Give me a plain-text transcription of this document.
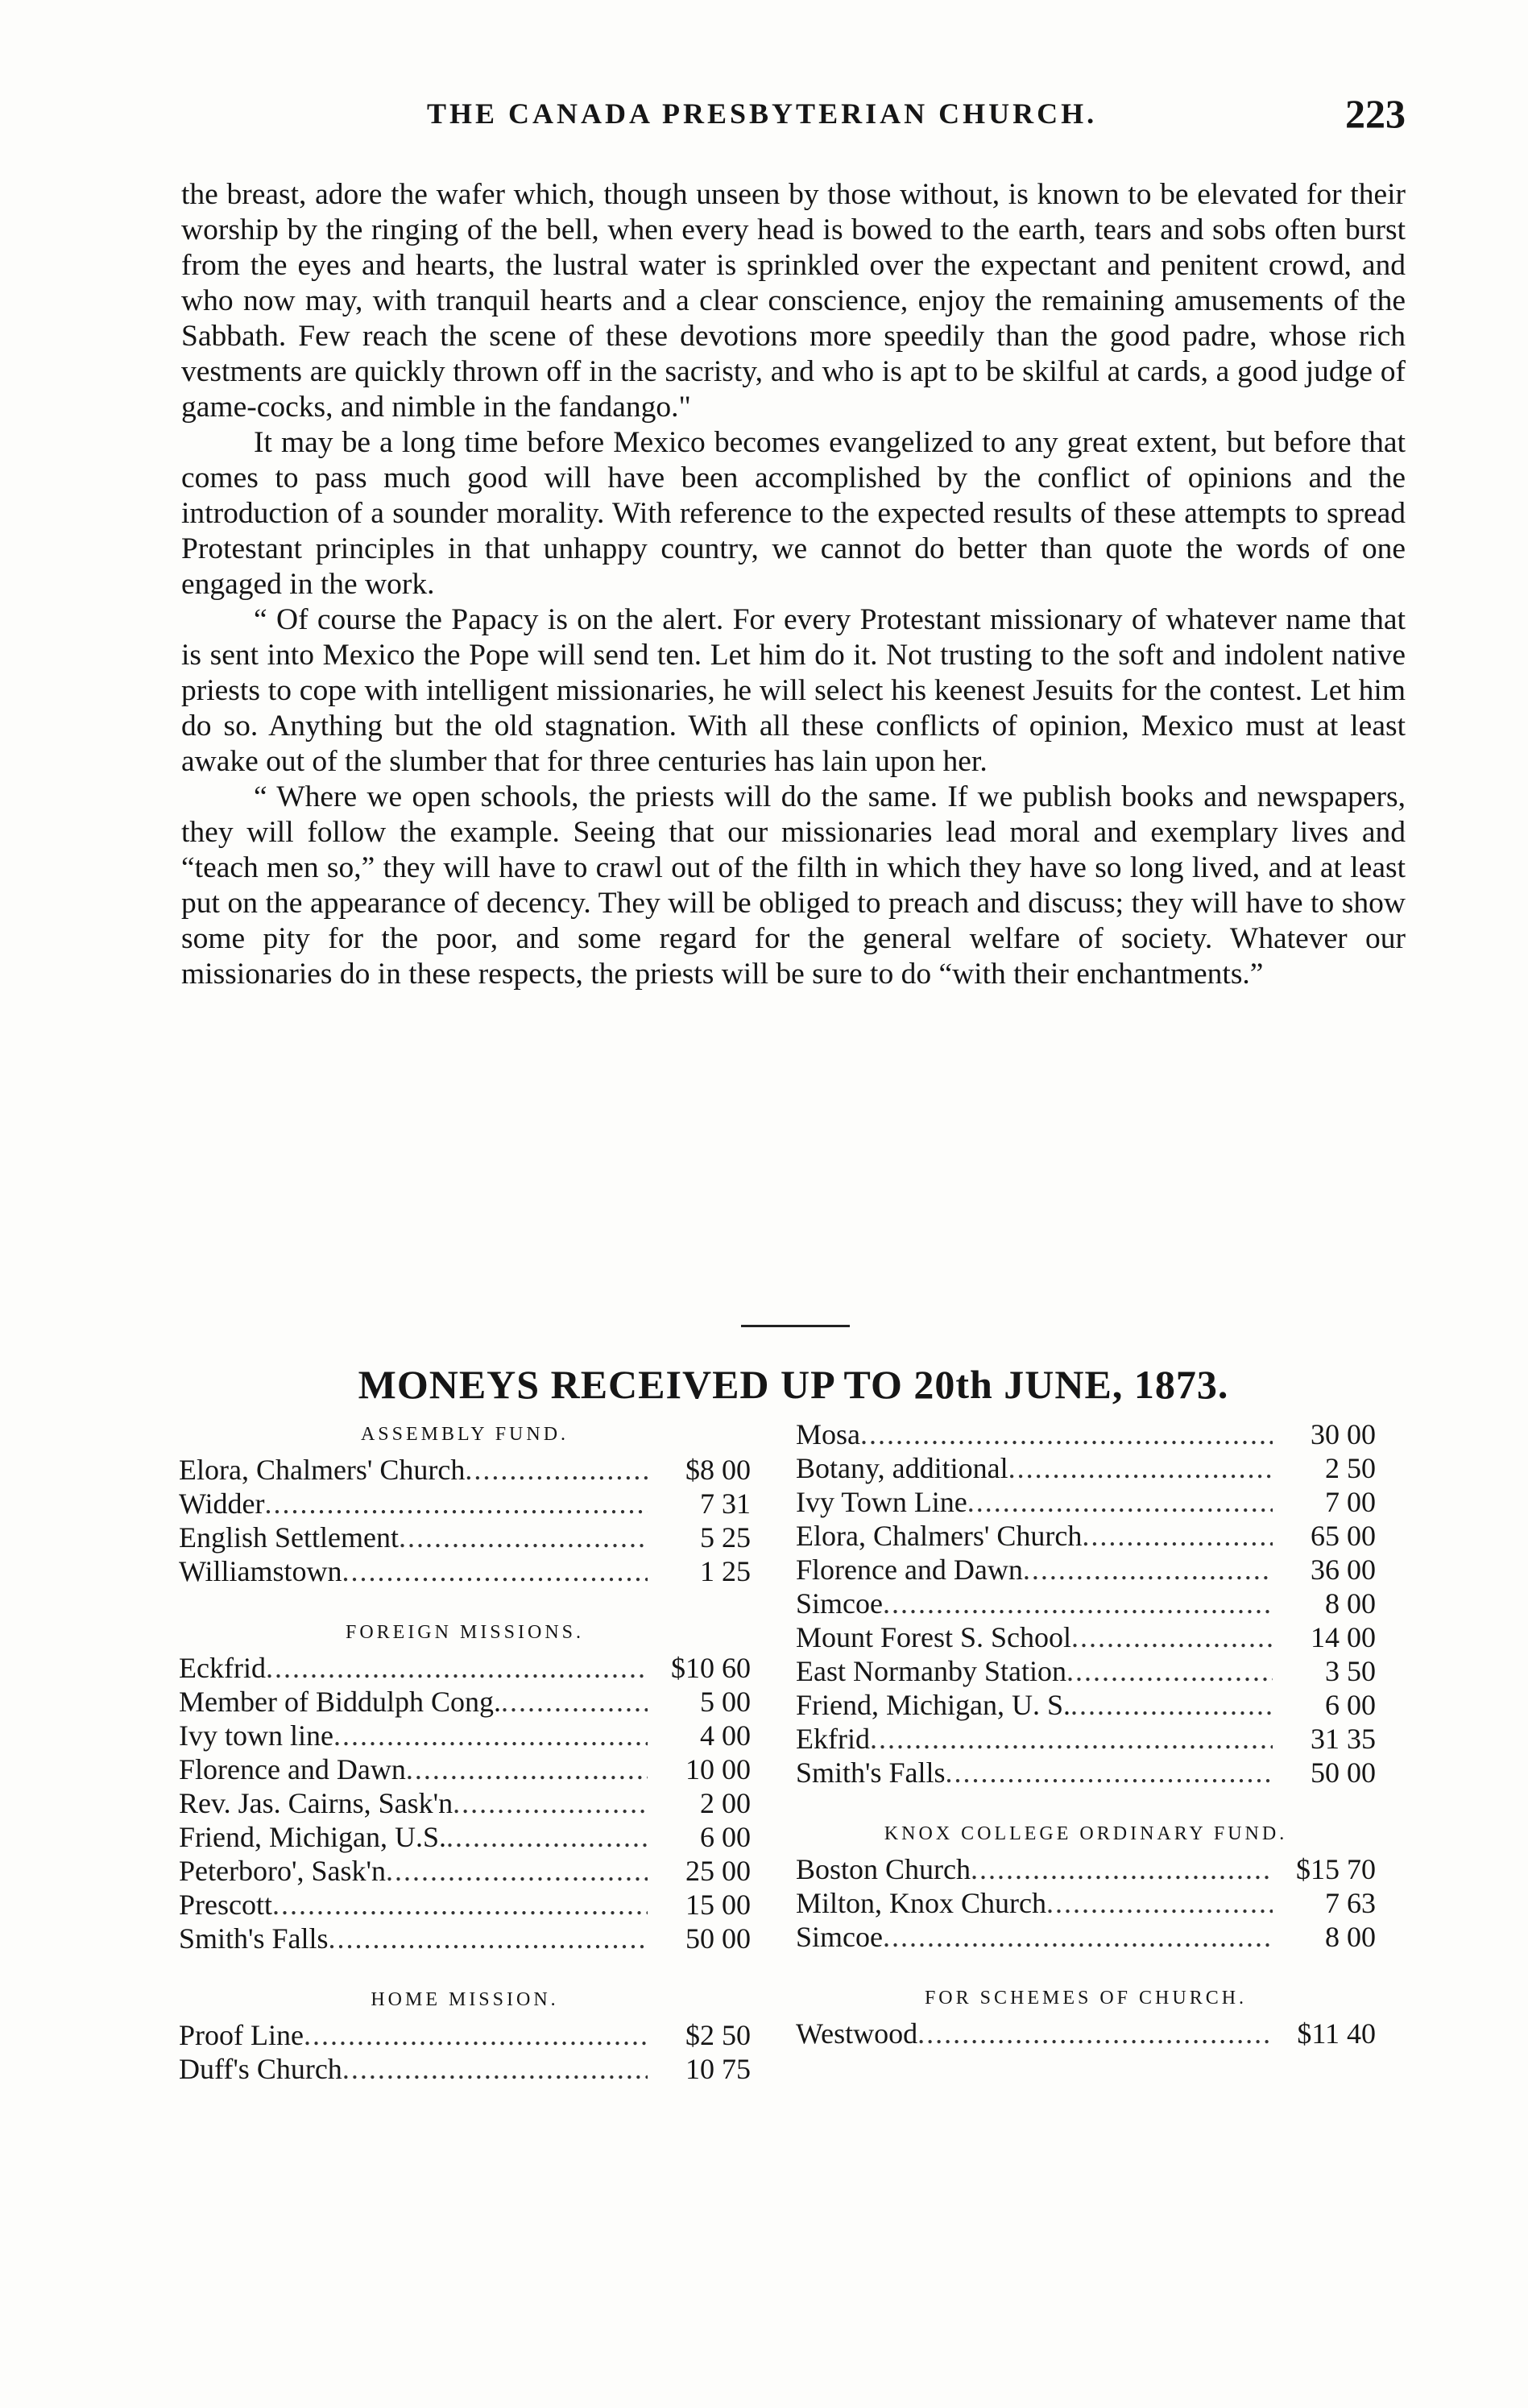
THE CANADA PRESBYTERIAN CHURCH.	223

the breast, adore the wafer which, though unseen by those without, is known to be elevated for their worship by the ringing of the bell, when every head is bowed to the earth, tears and sobs often burst from the eyes and hearts, the lustral water is sprinkled over the expectant and penitent crowd, and who now may, with tranquil hearts and a clear conscience, enjoy the remaining amusements of the Sabbath. Few reach the scene of these devotions more speedily than the good padre, whose rich vestments are quickly thrown off in the sacristy, and who is apt to be skilful at cards, a good judge of game-cocks, and nimble in the fandango."

It may be a long time before Mexico becomes evangelized to any great extent, but before that comes to pass much good will have been accomplished by the conflict of opinions and the introduction of a sounder morality. With reference to the expected results of these attempts to spread Protestant principles in that unhappy country, we cannot do better than quote the words of one engaged in the work.

“ Of course the Papacy is on the alert. For every Protestant missionary of whatever name that is sent into Mexico the Pope will send ten. Let him do it. Not trusting to the soft and indolent native priests to cope with intelligent missionaries, he will select his keenest Jesuits for the contest. Let him do so. Anything but the old stagnation. With all these conflicts of opinion, Mexico must at least awake out of the slumber that for three centuries has lain upon her.

“ Where we open schools, the priests will do the same. If we publish books and newspapers, they will follow the example. Seeing that our missionaries lead moral and exemplary lives and “teach men so,” they will have to crawl out of the filth in which they have so long lived, and at least put on the appearance of decency. They will be obliged to preach and discuss; they will have to show some pity for the poor, and some regard for the general welfare of society. Whatever our missionaries do in these respects, the priests will be sure to do “with their enchantments.”

MONEYS RECEIVED UP TO 20th JUNE, 1873.
ASSEMBLY FUND.
Elora, Chalmers' Church .....	$8 00
Widder .....	7 31
English Settlement .....	5 25
Williamstown .....	1 25
FOREIGN MISSIONS.
Eckfrid .....	$10 60
Member of Biddulph Cong. .....	5 00
Ivy town line .....	4 00
Florence and Dawn .....	10 00
Rev. Jas. Cairns, Sask'n .....	2 00
Friend, Michigan, U.S. .....	6 00
Peterboro', Sask'n .....	25 00
Prescott .....	15 00
Smith's Falls .....	50 00
HOME MISSION.
Proof Line .....	$2 50
Duff's Church .....	10 75
Mosa .....	30 00
Botany, additional .....	2 50
Ivy Town Line .....	7 00
Elora, Chalmers' Church .....	65 00
Florence and Dawn .....	36 00
Simcoe .....	8 00
Mount Forest S. School .....	14 00
East Normanby Station .....	3 50
Friend, Michigan, U. S. .....	6 00
Ekfrid .....	31 35
Smith's Falls .....	50 00
KNOX COLLEGE ORDINARY FUND.
Boston Church .....	$15 70
Milton, Knox Church .....	7 63
Simcoe .....	8 00
FOR SCHEMES OF CHURCH.
Westwood .....	$11 40
